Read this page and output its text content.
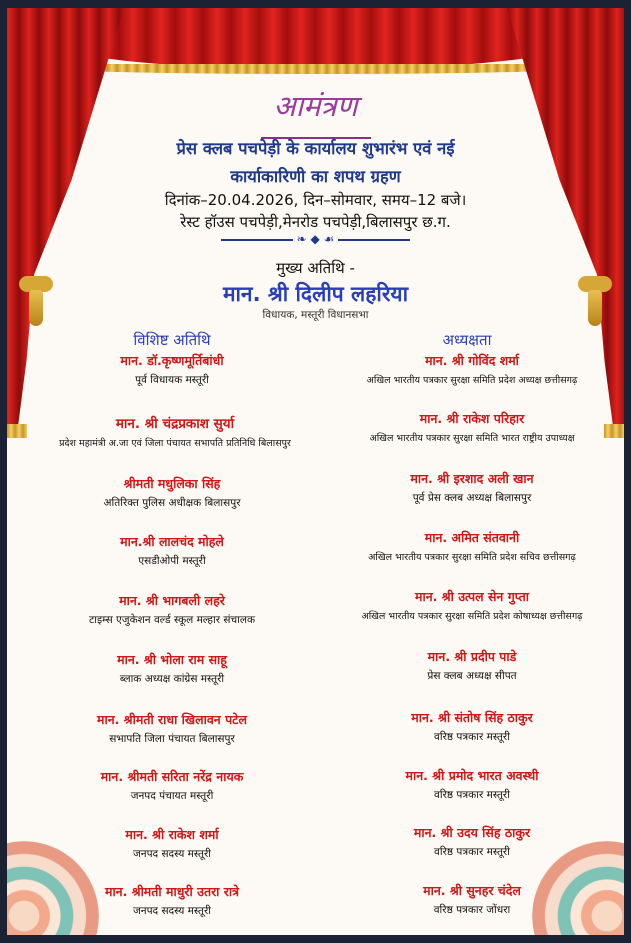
आमंत्रण
प्रेस क्लब पचपेड़ी के कार्यालय शुभारंभ एवं नई
कार्याकारिणी का शपथ ग्रहण
दिनांक–20.04.2026, दिन–सोमवार, समय–12 बजे।
रेस्ट हॉउस पचपेड़ी,मेनरोड पचपेड़ी,बिलासपुर छ.ग.
❧ ◆ ☙
मुख्य अतिथि -
मान. श्री दिलीप लहरिया
विधायक, मस्तूरी विधानसभा
विशिष्ट अतिथि	अध्यक्षता
मान. डॉ.कृष्णमूर्तिबांधी
पूर्व विधायक मस्तूरी
मान. श्री चंद्रप्रकाश सुर्या
प्रदेश महामंत्री अ.जा एवं जिला पंचायत सभापति प्रतिनिधि बिलासपुर
श्रीमती मधुलिका सिंह
अतिरिक्त पुलिस अधीक्षक बिलासपुर
मान.श्री लालचंद मोहले
एसडीओपी मस्तूरी
मान. श्री भागबली लहरे
टाइम्स एजुकेशन वर्ल्ड स्कूल मल्हार संचालक
मान. श्री भोला राम साहू
ब्लाक अध्यक्ष कांग्रेस मस्तूरी
मान. श्रीमती राधा खिलावन पटेल
सभापति जिला पंचायत बिलासपुर
मान. श्रीमती सरिता नरेंद्र नायक
जनपद पंचायत मस्तूरी
मान. श्री राकेश शर्मा
जनपद सदस्य मस्तूरी
मान. श्रीमती माधुरी उतरा रात्रे
जनपद सदस्य मस्तूरी
मान. श्री गोविंद शर्मा
अखिल भारतीय पत्रकार सुरक्षा समिति प्रदेश अध्यक्ष छत्तीसगढ़
मान. श्री राकेश परिहार
अखिल भारतीय पत्रकार सुरक्षा समिति भारत राष्ट्रीय उपाध्यक्ष
मान. श्री इरशाद अली खान
पूर्व प्रेस क्लब अध्यक्ष बिलासपुर
मान. अमित संतवानी
अखिल भारतीय पत्रकार सुरक्षा समिति प्रदेश सचिव छत्तीसगढ़
मान. श्री उत्पल सेन गुप्ता
अखिल भारतीय पत्रकार सुरक्षा समिति प्रदेश कोषाध्यक्ष छत्तीसगढ़
मान. श्री प्रदीप पाडे
प्रेस क्लब अध्यक्ष सीपत
मान. श्री संतोष सिंह ठाकुर
वरिष्ठ पत्रकार मस्तूरी
मान. श्री प्रमोद भारत अवस्थी
वरिष्ठ पत्रकार मस्तूरी
मान. श्री उदय सिंह ठाकुर
वरिष्ठ पत्रकार मस्तूरी
मान. श्री सुनहर चंदेल
वरिष्ठ पत्रकार जोंधरा
